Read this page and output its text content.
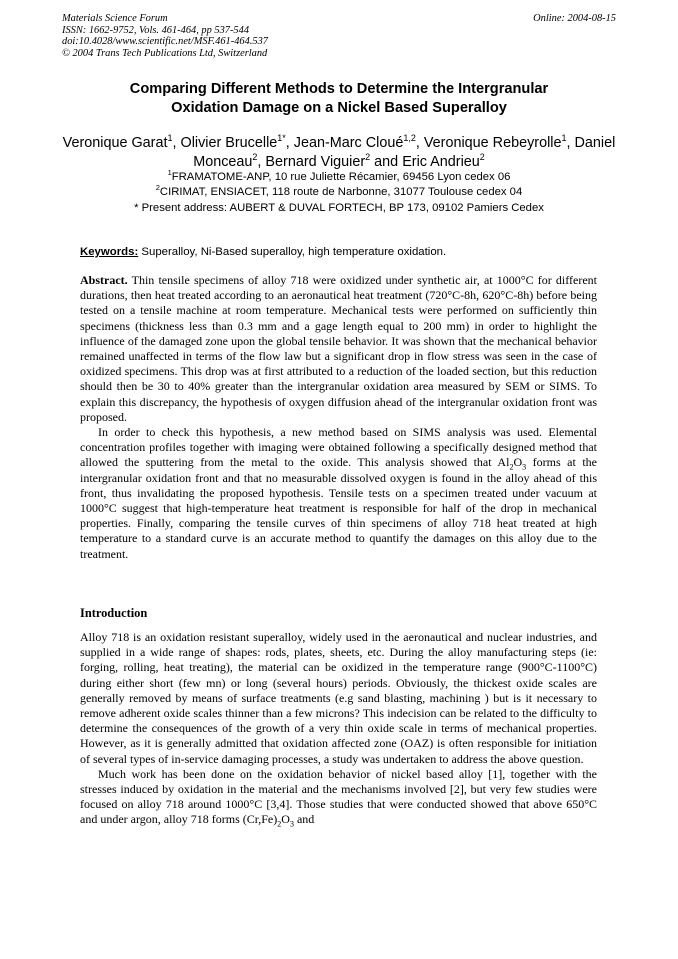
Materials Science Forum
ISSN: 1662-9752, Vols. 461-464, pp 537-544
doi:10.4028/www.scientific.net/MSF.461-464.537
© 2004 Trans Tech Publications Ltd, Switzerland
Online: 2004-08-15
Comparing Different Methods to Determine the Intergranular
Oxidation Damage on a Nickel Based Superalloy
Veronique Garat$^1$, Olivier Brucelle$^{1*}$, Jean-Marc Cloué$^{1,2}$, Veronique Rebeyrolle$^1$, Daniel Monceau$^2$, Bernard Viguier$^2$ and Eric Andrieu$^2$
$^1$FRAMATOME-ANP, 10 rue Juliette Récamier, 69456 Lyon cedex 06
$^2$CIRIMAT, ENSIACET, 118 route de Narbonne, 31077 Toulouse cedex 04
* Present address: AUBERT & DUVAL FORTECH, BP 173, 09102 Pamiers Cedex
Keywords: Superalloy, Ni-Based superalloy, high temperature oxidation.

Abstract. Thin tensile specimens of alloy 718 were oxidized under synthetic air, at 1000°C for different durations, then heat treated according to an aeronautical heat treatment (720°C-8h, 620°C-8h) before being tested on a tensile machine at room temperature. Mechanical tests were performed on sufficiently thin specimens (thickness less than 0.3 mm and a gage length equal to 200 mm) in order to highlight the influence of the damaged zone upon the global tensile behavior. It was shown that the mechanical behavior remained unaffected in terms of the flow law but a significant drop in flow stress was seen in the case of oxidized specimens. This drop was at first attributed to a reduction of the loaded section, but this reduction should then be 30 to 40% greater than the intergranular oxidation area measured by SEM or SIMS. To explain this discrepancy, the hypothesis of oxygen diffusion ahead of the intergranular oxidation front was proposed.

In order to check this hypothesis, a new method based on SIMS analysis was used. Elemental concentration profiles together with imaging were obtained following a specifically designed method that allowed the sputtering from the metal to the oxide. This analysis showed that $Al_2O_3$ forms at the intergranular oxidation front and that no measurable dissolved oxygen is found in the alloy ahead of this front, thus invalidating the proposed hypothesis. Tensile tests on a specimen treated under vacuum at 1000°C suggest that high-temperature heat treatment is responsible for half of the drop in mechanical properties. Finally, comparing the tensile curves of thin specimens of alloy 718 heat treated at high temperature to a standard curve is an accurate method to quantify the damages on this alloy due to the treatment.

Introduction

Alloy 718 is an oxidation resistant superalloy, widely used in the aeronautical and nuclear industries, and supplied in a wide range of shapes: rods, plates, sheets, etc. During the alloy manufacturing steps (ie: forging, rolling, heat treating), the material can be oxidized in the temperature range (900°C-1100°C) during either short (few mn) or long (several hours) periods. Obviously, the thickest oxide scales are generally removed by means of surface treatments (e.g sand blasting, machining ) but is it necessary to remove adherent oxide scales thinner than a few microns? This indecision can be related to the difficulty to determine the consequences of the growth of a very thin oxide scale in terms of mechanical properties. However, as it is generally admitted that oxidation affected zone (OAZ) is often responsible for initiation of several types of in-service damaging processes, a study was undertaken to address the above question.

Much work has been done on the oxidation behavior of nickel based alloy [1], together with the stresses induced by oxidation in the material and the mechanisms involved [2], but very few studies were focused on alloy 718 around 1000°C [3,4]. Those studies that were conducted showed that above 650°C and under argon, alloy 718 forms $(Cr,Fe)_2O_3$ and
